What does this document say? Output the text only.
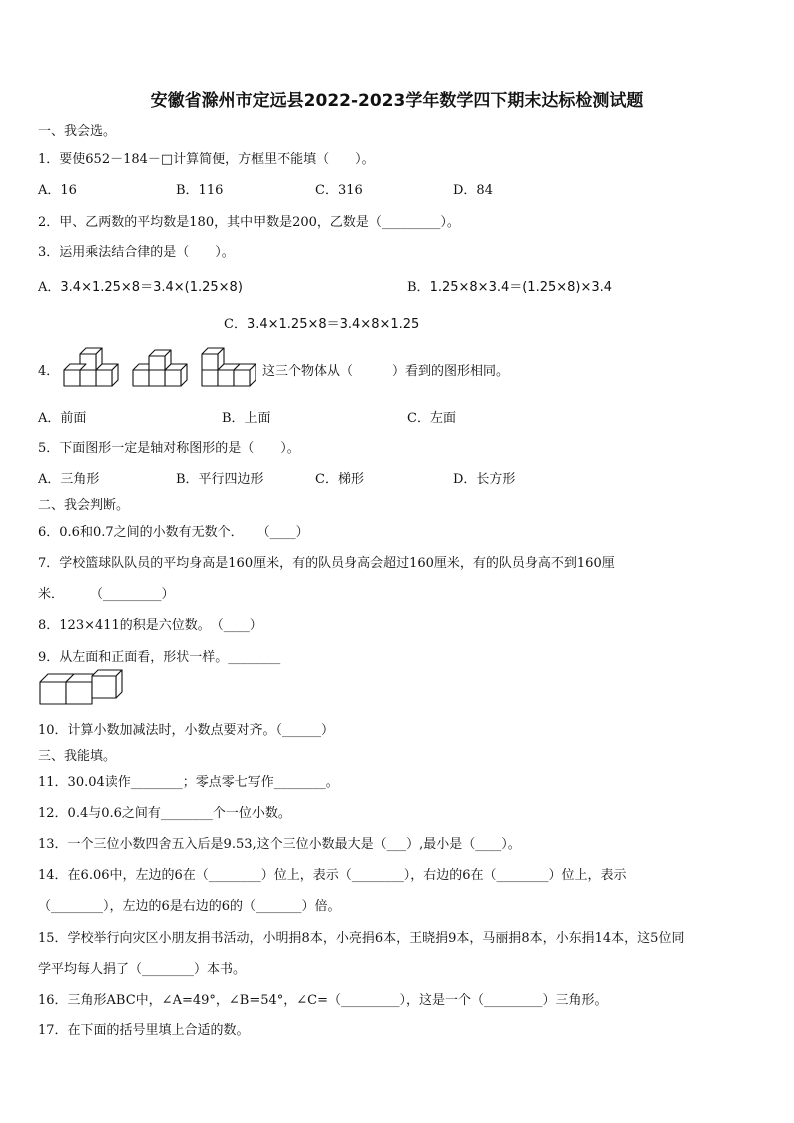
安徽省滁州市定远县2022-2023学年数学四下期末达标检测试题
一、我会选。
1．要使652－184－□计算简便，方框里不能填（　　）。
A．16	B．116	C．316	D．84
2．甲、乙两数的平均数是180，其中甲数是200，乙数是（_________）。
3．运用乘法结合律的是（　　）。
A．3.4×1.25×8＝3.4×(1.25×8)	B．1.25×8×3.4＝(1.25×8)×3.4
C．3.4×1.25×8＝3.4×8×1.25
4．	这三个物体从（　　　）看到的图形相同。
A．前面	B．上面	C．左面
5．下面图形一定是轴对称图形的是（　　）。
A．三角形	B．平行四边形	C．梯形	D．长方形
二、我会判断。
6．0.6和0.7之间的小数有无数个．　　（____）
7．学校篮球队队员的平均身高是160厘米，有的队员身高会超过160厘米，有的队员身高不到160厘
米．　　　（_________）
8．123×411的积是六位数。　（____）
9．从左面和正面看，形状一样。________
10．计算小数加减法时，小数点要对齐。（______）
三、我能填。
11．30.04读作________；零点零七写作________。
12．0.4与0.6之间有________个一位小数。
13．一个三位小数四舍五入后是9.53,这个三位小数最大是（___）,最小是（____）。
14．在6.06中，左边的6在（________）位上，表示（________），右边的6在（________）位上，表示
（________），左边的6是右边的6的（_______）倍。
15．学校举行向灾区小朋友捐书活动，小明捐8本，小亮捐6本，王晓捐9本，马丽捐8本，小东捐14本，这5位同
学平均每人捐了（________）本书。
16．三角形ABC中，∠A=49°，∠B=54°，∠C=（_________），这是一个（_________）三角形。
17．在下面的括号里填上合适的数。
